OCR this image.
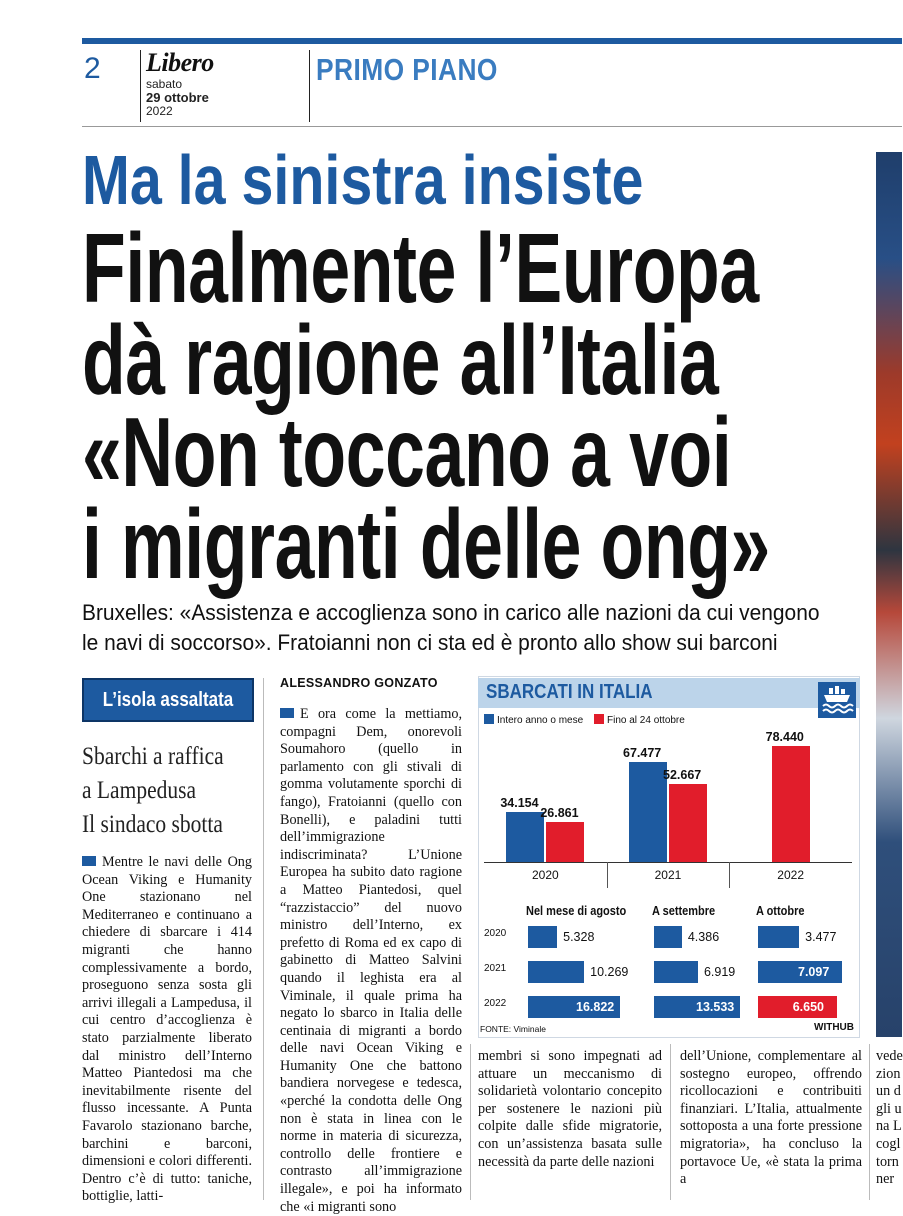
2 Libero
sabato
29 ottobre
2022
PRIMO PIANO
Ma la sinistra insiste
Finalmente l’Europa
dà ragione all’Italia
«Non toccano a voi
i migranti delle ong»
Bruxelles: «Assistenza e accoglienza sono in carico alle nazioni da cui vengono
le navi di soccorso». Fratoianni non ci sta ed è pronto allo show sui barconi
L’isola assaltata
Sbarchi a raffica
a Lampedusa
Il sindaco sbotta
Mentre le navi delle Ong Ocean Viking e Humanity One stazionano nel Mediterraneo e continuano a chiedere di sbarcare i 414 migranti che hanno complessivamente a bordo, proseguono senza sosta gli arrivi illegali a Lampedusa, il cui centro d’accoglienza è stato parzialmente liberato dal ministro dell’Interno Matteo Piantedosi ma che inevitabilmente risente del flusso incessante. A Punta Favarolo stazionano barche, barchini e barconi, dimensioni e colori differenti. Dentro c’è di tutto: taniche, bottiglie, latti-
ALESSANDRO GONZATO
E ora come la mettiamo, compagni Dem, onorevoli Soumahoro (quello in parlamento con gli stivali di gomma volutamente sporchi di fango), Fratoianni (quello con Bonelli), e paladini tutti dell’immigrazione indiscriminata? L’Unione Europea ha subito dato ragione a Matteo Piantedosi, quel “razzistaccio” del nuovo ministro dell’Interno, ex prefetto di Roma ed ex capo di gabinetto di Matteo Salvini quando il leghista era al Viminale, il quale prima ha negato lo sbarco in Italia delle centinaia di migranti a bordo delle navi Ocean Viking e Humanity One che battono bandiera norvegese e tedesca, «perché la condotta delle Ong non è stata in linea con le norme in materia di sicurezza, controllo delle frontiere e contrasto all’immigrazione illegale», e poi ha informato che «i migranti sono
membri si sono impegnati ad attuare un meccanismo di solidarietà volontario concepito per sostenere le nazioni più colpite dalle sfide migratorie, con un’assistenza basata sulle necessità da parte delle nazioni
dell’Unione, complementare al sostegno europeo, offrendo ricollocazioni e contribuiti finanziari. L’Italia, attualmente sottoposta a una forte pressione migratoria», ha concluso la portavoce Ue, «è stata la prima a
vede
zion
un d
gli u
na L
cogl
torn
ner
SBARCATI IN ITALIA
Intero anno o mese	Fino al 24 ottobre
34.154
26.861
2020
67.477
52.667
2021
78.440
2022
2020
2021
2022
Nel mese di agosto
5.328
10.269
16.822
A settembre
4.386
6.919
13.533
A ottobre
3.477
7.097
6.650
FONTE: Viminale	WITHUB
